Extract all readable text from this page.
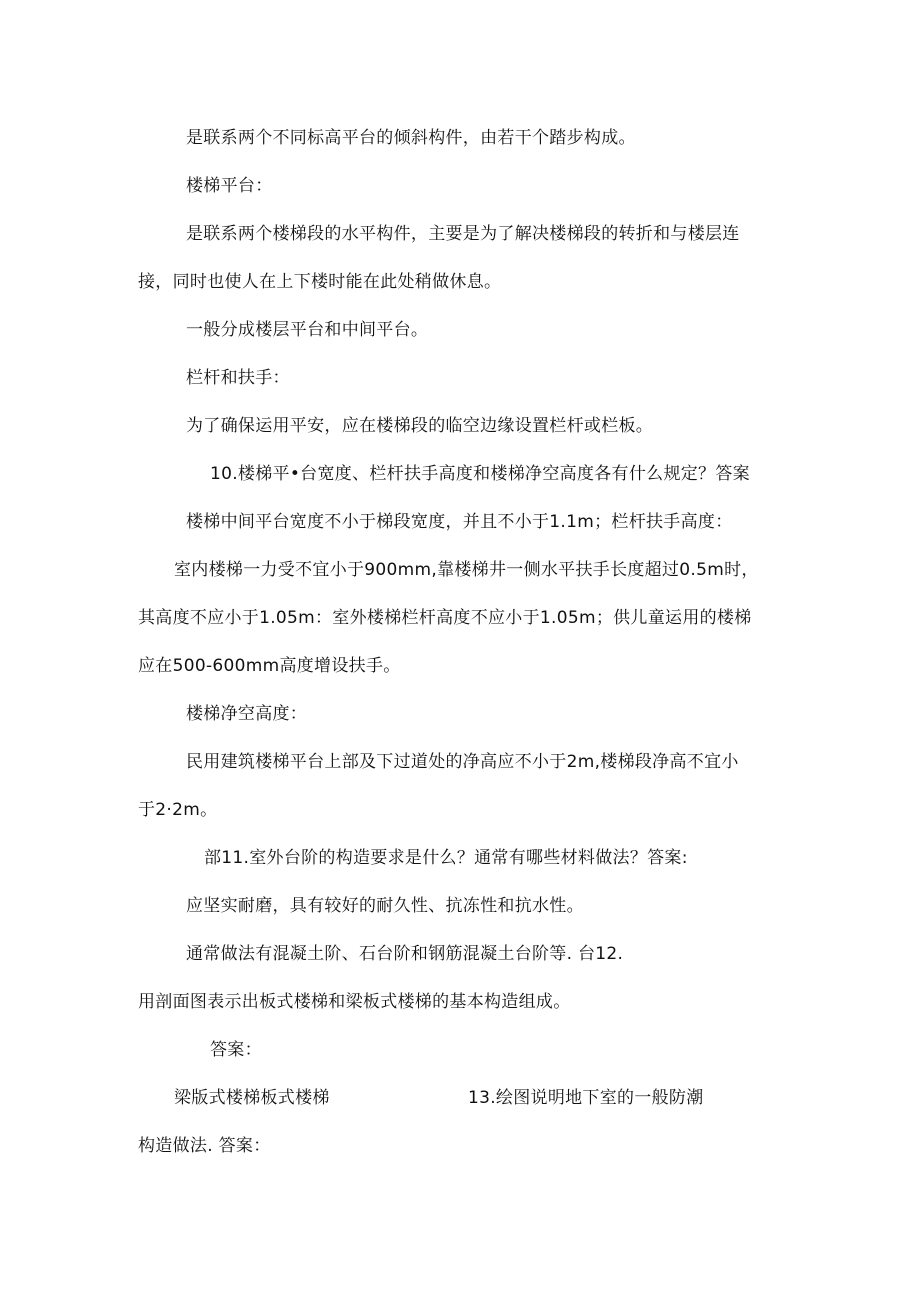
是联系两个不同标高平台的倾斜构件，由若干个踏步构成。
楼梯平台：
是联系两个楼梯段的水平构件，主要是为了解决楼梯段的转折和与楼层连
接，同时也使人在上下楼时能在此处稍做休息。
一般分成楼层平台和中间平台。
栏杆和扶手：
为了确保运用平安，应在楼梯段的临空边缘设置栏杆或栏板。
10.楼梯平•台宽度、栏杆扶手高度和楼梯净空高度各有什么规定？答案
楼梯中间平台宽度不小于梯段宽度，并且不小于1.1m；栏杆扶手高度：
室内楼梯一力受不宜小于900mm,靠楼梯井一侧水平扶手长度超过0.5m时，
其高度不应小于1.05m：室外楼梯栏杆高度不应小于1.05m；供儿童运用的楼梯
应在500-600mm高度增设扶手。
楼梯净空高度：
民用建筑楼梯平台上部及下过道处的净高应不小于2m,楼梯段净高不宜小
于2·2m。
部11.室外台阶的构造要求是什么？通常有哪些材料做法？答案:
应坚实耐磨，具有较好的耐久性、抗冻性和抗水性。
通常做法有混凝土阶、石台阶和钢筋混凝土台阶等. 台12.
用剖面图表示出板式楼梯和梁板式楼梯的基本构造组成。
答案：
梁版式楼梯板式楼梯	13.绘图说明地下室的一般防潮
构造做法. 答案：
